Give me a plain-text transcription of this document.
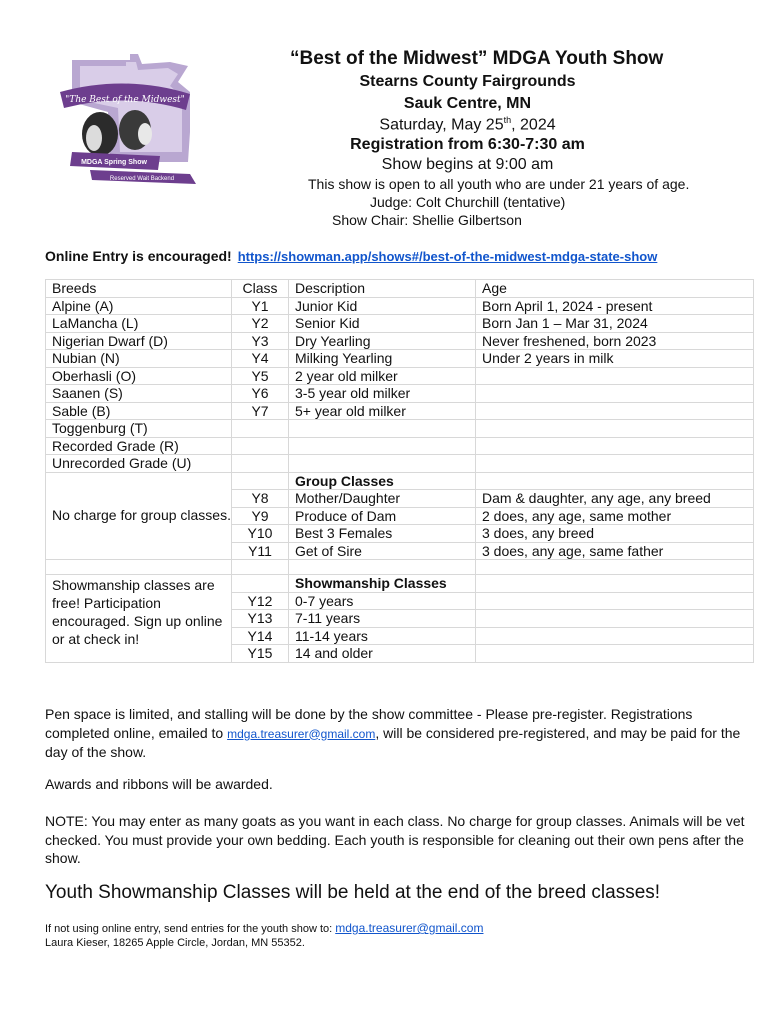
"The Best of the Midwest"
MDGA Spring Show
Reserved Wait Backend
“Best of the Midwest” MDGA Youth Show
Stearns County Fairgrounds
Sauk Centre, MN
Saturday, May 25th, 2024
Registration from 6:30-7:30 am
Show begins at 9:00 am
This show is open to all youth who are under 21 years of age.
Judge: Colt Churchill (tentative)
Show Chair: Shellie Gilbertson
Online Entry is encouraged! https://showman.app/shows#/best-of-the-midwest-mdga-state-show
Breeds	Class	Description	Age
Alpine (A)	Y1	Junior Kid	Born April 1, 2024 - present
LaMancha (L)	Y2	Senior Kid	Born Jan 1 – Mar 31, 2024
Nigerian Dwarf (D)	Y3	Dry Yearling	Never freshened, born 2023
Nubian (N)	Y4	Milking Yearling	Under 2 years in milk
Oberhasli (O)	Y5	2 year old milker	
Saanen (S)	Y6	3-5 year old milker	
Sable (B)	Y7	5+ year old milker	
Toggenburg (T)			
Recorded Grade (R)			
Unrecorded Grade (U)			
No charge for group classes.		Group Classes	
	Y8	Mother/Daughter	Dam & daughter, any age, any breed
	Y9	Produce of Dam	2 does, any age, same mother
	Y10	Best 3 Females	3 does, any breed
	Y11	Get of Sire	3 does, any age, same father

Showmanship classes are free! Participation encouraged. Sign up online or at check in!		Showmanship Classes	
	Y12	0-7 years	
	Y13	7-11 years	
	Y14	11-14 years	
	Y15	14 and older	
Pen space is limited, and stalling will be done by the show committee - Please pre-register. Registrations completed online, emailed to mdga.treasurer@gmail.com, will be considered pre-registered, and may be paid for the day of the show.
Awards and ribbons will be awarded.
NOTE: You may enter as many goats as you want in each class. No charge for group classes. Animals will be vet checked. You must provide your own bedding. Each youth is responsible for cleaning out their own pens after the show.
Youth Showmanship Classes will be held at the end of the breed classes!
If not using online entry, send entries for the youth show to: mdga.treasurer@gmail.com
Laura Kieser, 18265 Apple Circle, Jordan, MN 55352.
